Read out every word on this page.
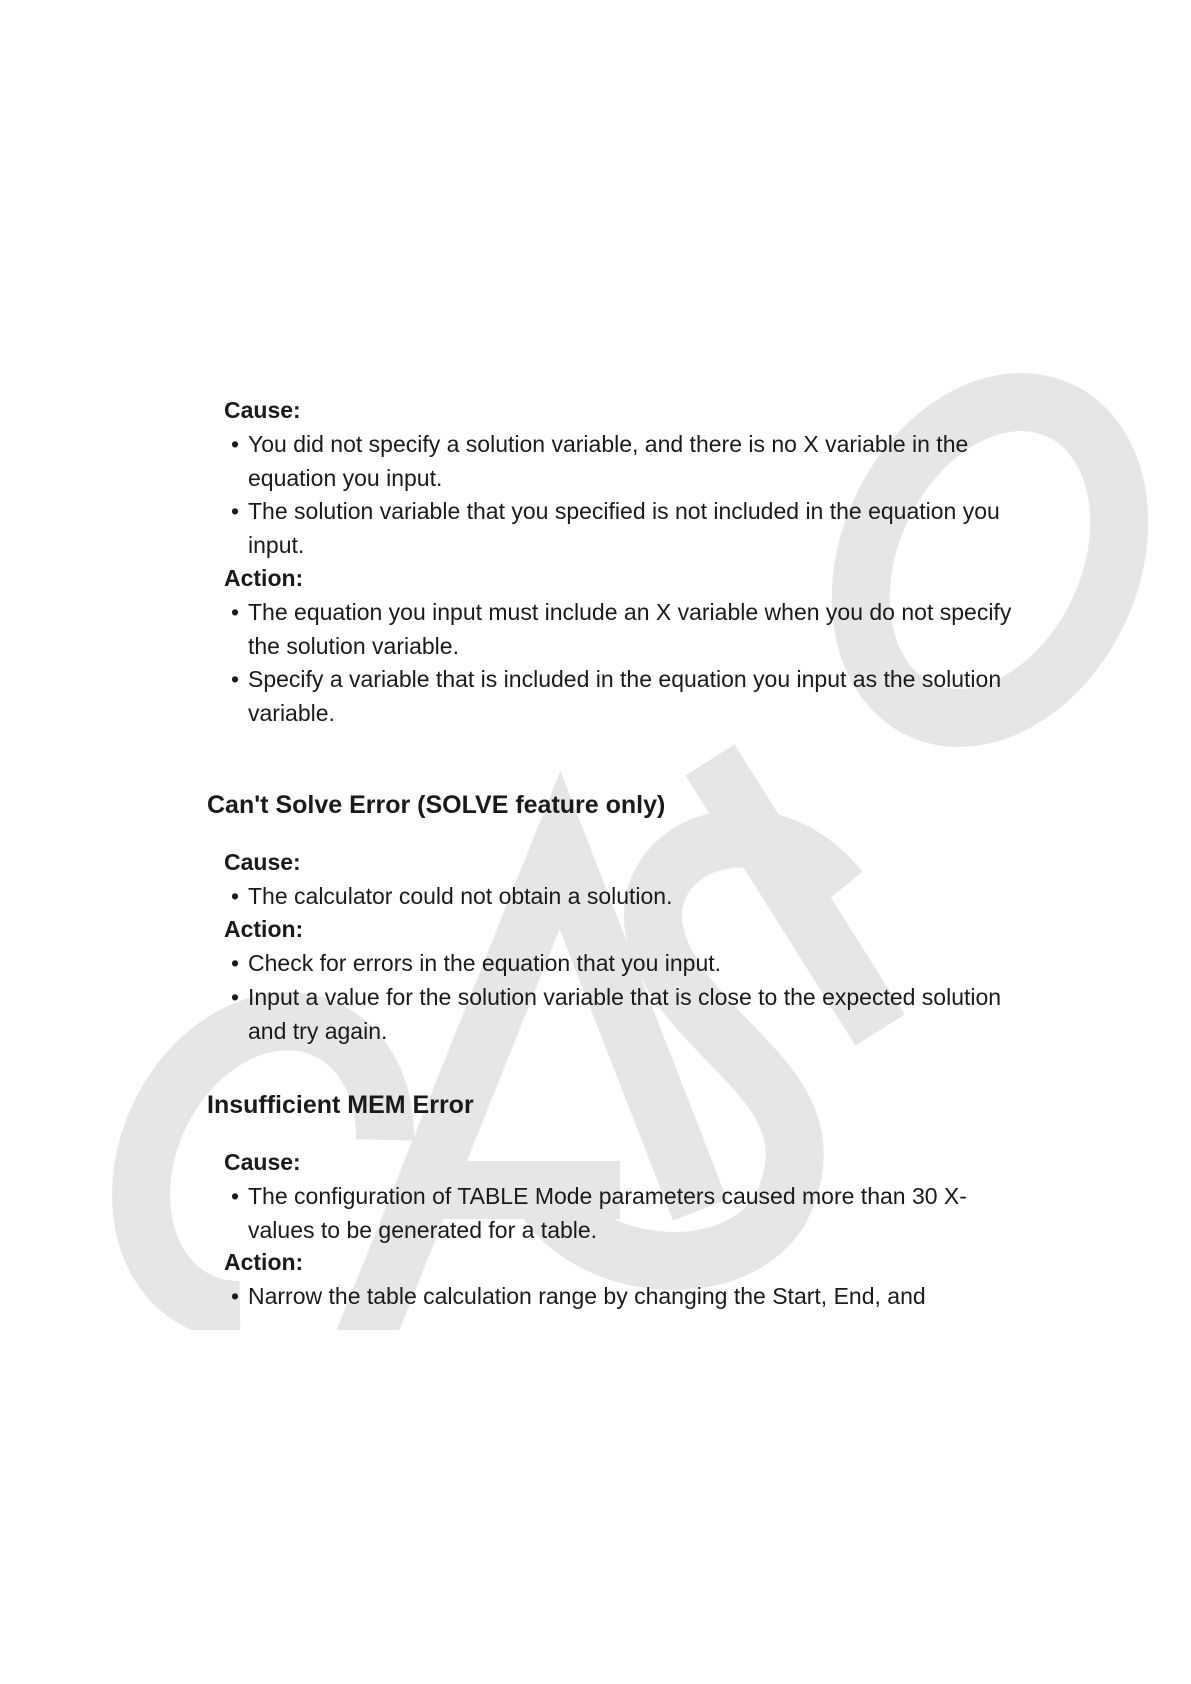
Cause:
• You did not specify a solution variable, and there is no X variable in the equation you input.
• The solution variable that you specified is not included in the equation you input.
Action:
• The equation you input must include an X variable when you do not specify the solution variable.
• Specify a variable that is included in the equation you input as the solution variable.
Can't Solve Error (SOLVE feature only)
Cause:
• The calculator could not obtain a solution.
Action:
• Check for errors in the equation that you input.
• Input a value for the solution variable that is close to the expected solution and try again.
Insufficient MEM Error
Cause:
• The configuration of TABLE Mode parameters caused more than 30 X-values to be generated for a table.
Action:
• Narrow the table calculation range by changing the Start, End, and
